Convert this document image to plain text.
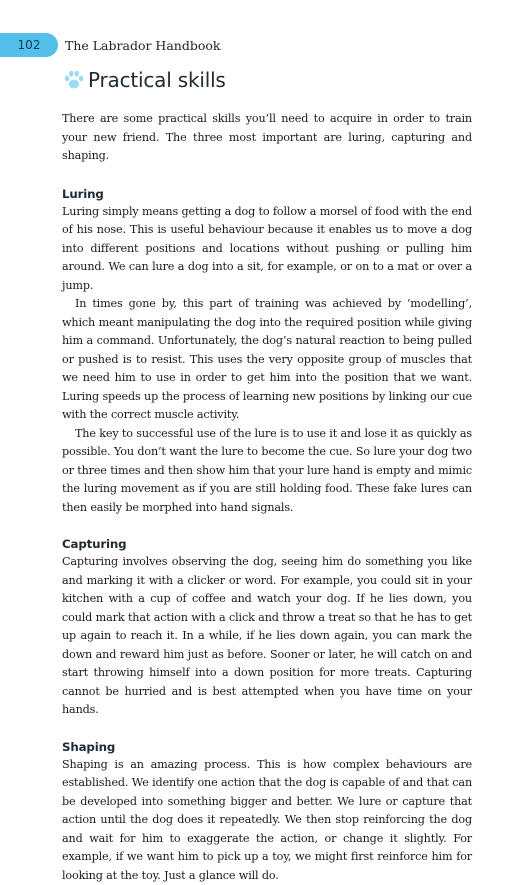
102 The Labrador Handbook
Practical skills

There are some practical skills you’ll need to acquire in order to train your new friend. The three most important are luring, capturing and shaping.

Luring

Luring simply means getting a dog to follow a morsel of food with the end of his nose. This is useful behaviour because it enables us to move a dog into different positions and locations without pushing or pulling him around. We can lure a dog into a sit, for example, or on to a mat or over a jump.

In times gone by, this part of training was achieved by ‘modelling’, which meant manipulating the dog into the required position while giving him a command. Unfortunately, the dog’s natural reaction to being pulled or pushed is to resist. This uses the very opposite group of muscles that we need him to use in order to get him into the position that we want. Luring speeds up the process of learning new positions by linking our cue with the correct muscle activity.

The key to successful use of the lure is to use it and lose it as quickly as possible. You don’t want the lure to become the cue. So lure your dog two or three times and then show him that your lure hand is empty and mimic the luring movement as if you are still holding food. These fake lures can then easily be morphed into hand signals.

Capturing

Capturing involves observing the dog, seeing him do something you like and marking it with a clicker or word. For example, you could sit in your kitchen with a cup of coffee and watch your dog. If he lies down, you could mark that action with a click and throw a treat so that he has to get up again to reach it. In a while, if he lies down again, you can mark the down and reward him just as before. Sooner or later, he will catch on and start throwing himself into a down position for more treats. Capturing cannot be hurried and is best attempted when you have time on your hands.

Shaping

Shaping is an amazing process. This is how complex behaviours are established. We identify one action that the dog is capable of and that can be developed into something bigger and better. We lure or capture that action until the dog does it repeatedly. We then stop reinforcing the dog and wait for him to exaggerate the action, or change it slightly. For example, if we want him to pick up a toy, we might first reinforce him for looking at the toy. Just a glance will do.
